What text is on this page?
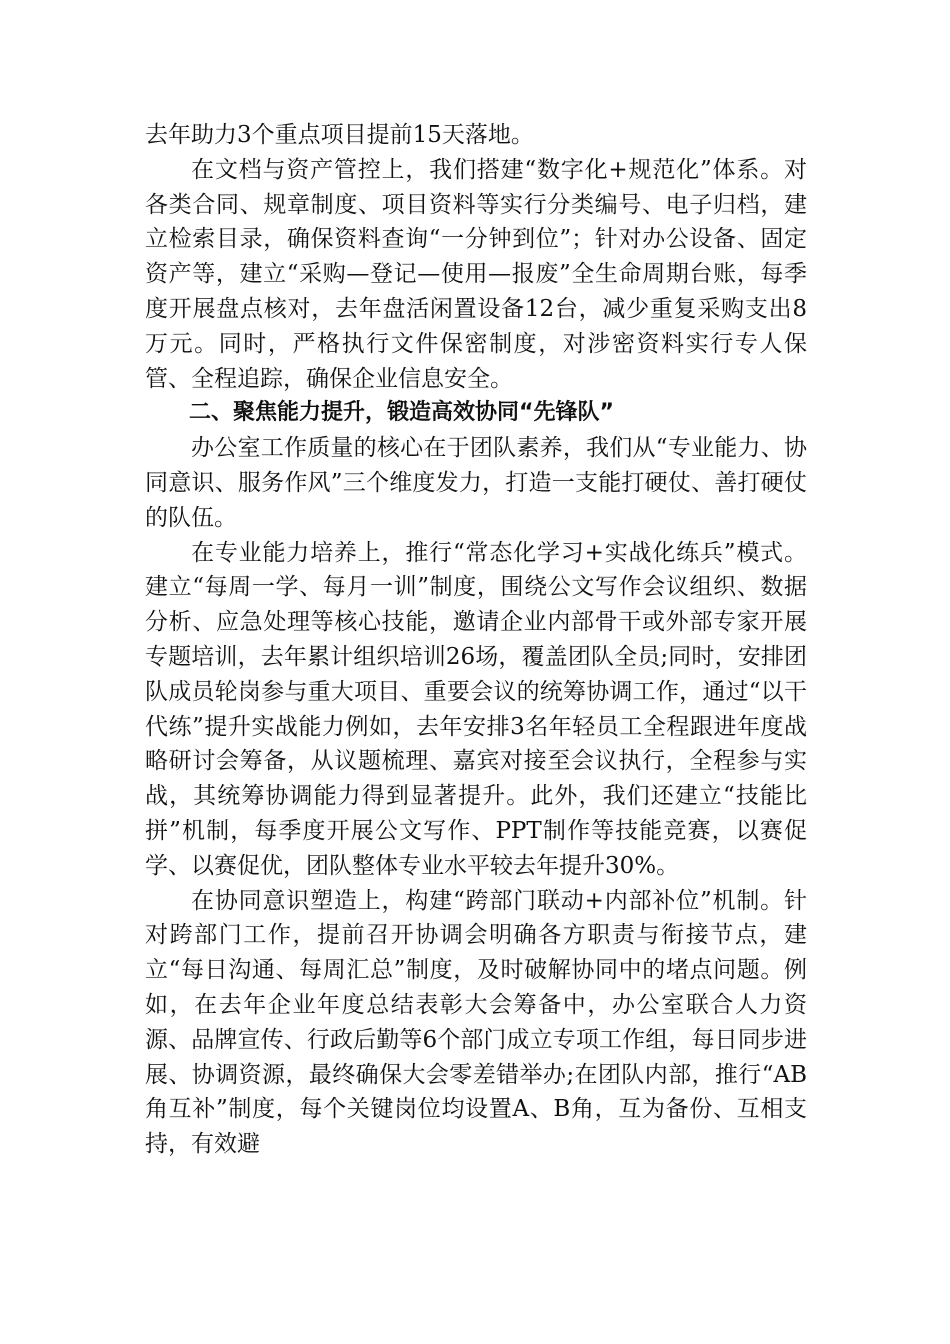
去年助力3个重点项目提前15天落地。

在文档与资产管控上，我们搭建“数字化+规范化”体系。对各类合同、规章制度、项目资料等实行分类编号、电子归档，建立检索目录，确保资料查询“一分钟到位”；针对办公设备、固定资产等，建立“采购—登记—使用—报废”全生命周期台账，每季度开展盘点核对，去年盘活闲置设备12台，减少重复采购支出8万元。同时，严格执行文件保密制度，对涉密资料实行专人保管、全程追踪，确保企业信息安全。

二、聚焦能力提升，锻造高效协同“先锋队”

办公室工作质量的核心在于团队素养，我们从“专业能力、协同意识、服务作风”三个维度发力，打造一支能打硬仗、善打硬仗的队伍。

在专业能力培养上，推行“常态化学习+实战化练兵”模式。建立“每周一学、每月一训”制度，围绕公文写作会议组织、数据分析、应急处理等核心技能，邀请企业内部骨干或外部专家开展专题培训，去年累计组织培训26场，覆盖团队全员;同时，安排团队成员轮岗参与重大项目、重要会议的统筹协调工作，通过“以干代练”提升实战能力例如，去年安排3名年轻员工全程跟进年度战略研讨会筹备，从议题梳理、嘉宾对接至会议执行，全程参与实战，其统筹协调能力得到显著提升。此外，我们还建立“技能比拼”机制，每季度开展公文写作、PPT制作等技能竞赛，以赛促学、以赛促优，团队整体专业水平较去年提升30%。

在协同意识塑造上，构建“跨部门联动+内部补位”机制。针对跨部门工作，提前召开协调会明确各方职责与衔接节点，建立“每日沟通、每周汇总”制度，及时破解协同中的堵点问题。例如，在去年企业年度总结表彰大会筹备中，办公室联合人力资源、品牌宣传、行政后勤等6个部门成立专项工作组，每日同步进展、协调资源，最终确保大会零差错举办;在团队内部，推行“AB角互补”制度，每个关键岗位均设置A、B角，互为备份、互相支持，有效避
